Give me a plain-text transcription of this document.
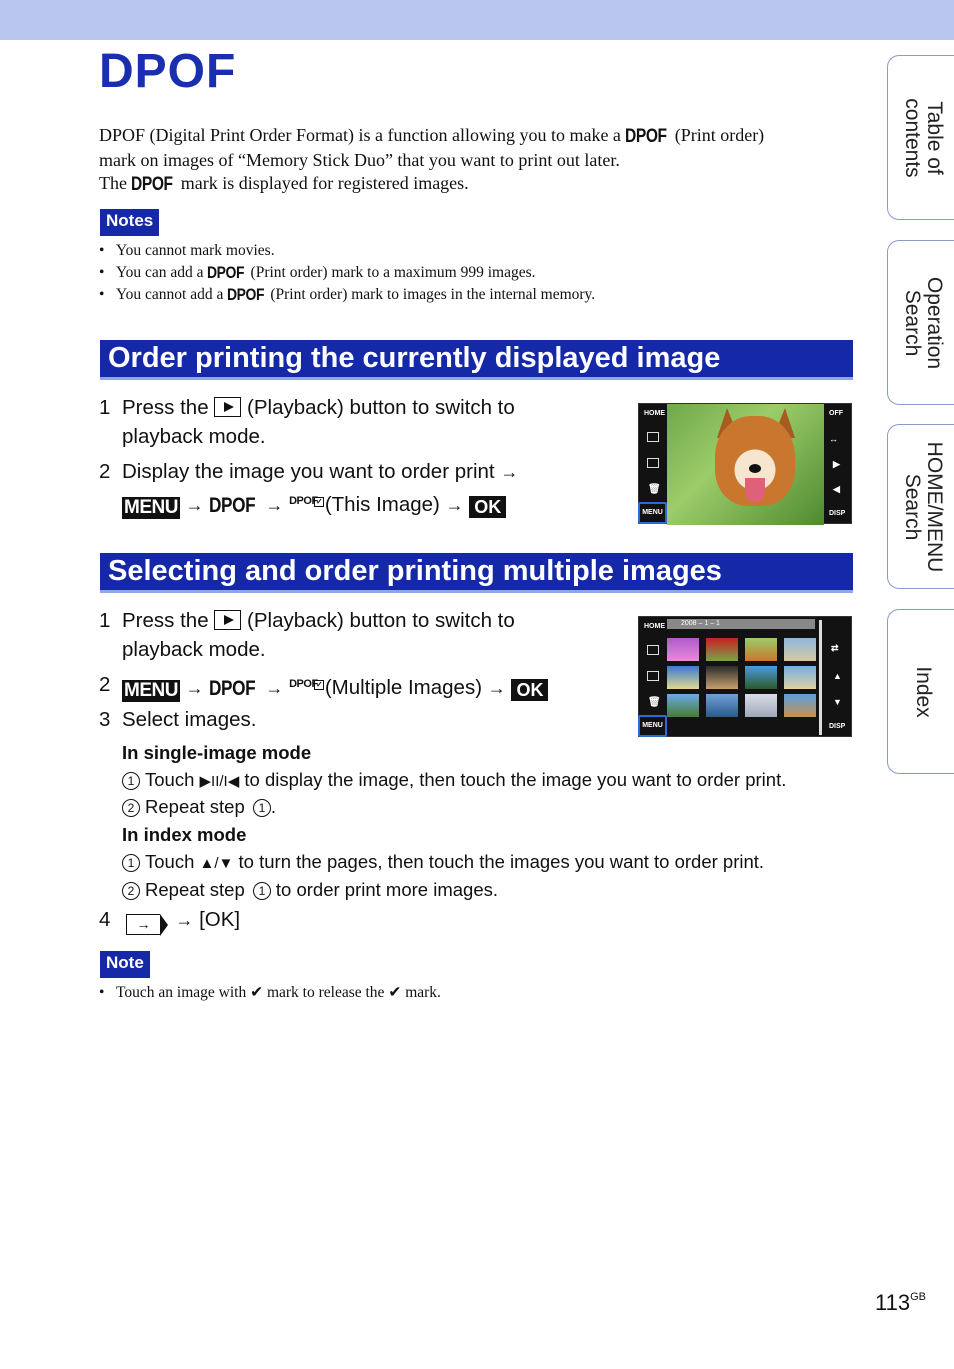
DPOF
DPOF (Digital Print Order Format) is a function allowing you to make a DPOF (Print order)
mark on images of “Memory Stick Duo” that you want to print out later.
The DPOF mark is displayed for registered images.
Notes
• You cannot mark movies.
• You can add a DPOF (Print order) mark to a maximum 999 images.
• You cannot add a DPOF (Print order) mark to images in the internal memory.
Order printing the currently displayed image
1 Press the (Playback) button to switch to
playback mode.
2 Display the image you want to order print →
MENU → DPOF → DPOF
✓ (This Image) → OK
HOME
🗑
MENU
OFF
↔
▶
◀
DISP
Selecting and order printing multiple images
1 Press the (Playback) button to switch to
playback mode.
2 MENU → DPOF → DPOF
✓ (Multiple Images) → OK
3 Select images.
In single-image mode
1 Touch ▶II/I◀ to display the image, then touch the image you want to order print.
2 Repeat step 1 .
In index mode
1 Touch ▲/▼ to turn the pages, then touch the images you want to order print.
2 Repeat step 1 to order print more images.
4	→ → [OK]
2008 – 1 – 1
HOME
🗑
MENU
⇄
▲
▼
DISP
Note
• Touch an image with ✔ mark to release the ✔ mark.
Table of contents
Operation Search
HOME/MENU Search
Index
$113^{GB}$
